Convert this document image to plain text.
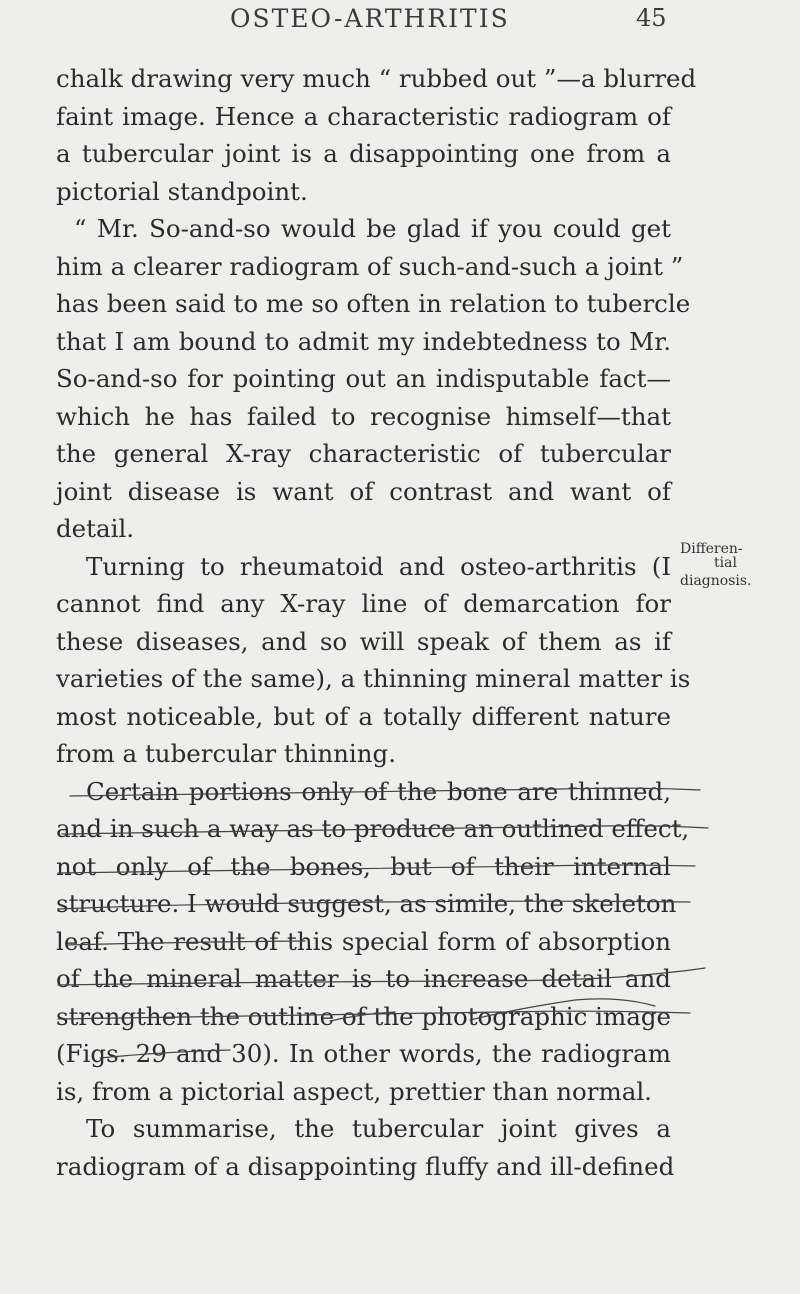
OSTEO-ARTHRITIS	45
chalk drawing very much “ rubbed out ”—a blurred
faint image. Hence a characteristic radiogram of
a tubercular joint is a disappointing one from a
pictorial standpoint.
“ Mr. So-and-so would be glad if you could get
him a clearer radiogram of such-and-such a joint ”
has been said to me so often in relation to tubercle
that I am bound to admit my indebtedness to Mr.
So-and-so for pointing out an indisputable fact—
which he has failed to recognise himself—that
the general X-ray characteristic of tubercular
joint disease is want of contrast and want of
detail.
Turning to rheumatoid and osteo-arthritis (I
cannot find any X-ray line of demarcation for
these diseases, and so will speak of them as if
varieties of the same), a thinning mineral matter is
most noticeable, but of a totally different nature
from a tubercular thinning.
Certain portions only of the bone are thinned,
and in such a way as to produce an outlined effect,
not only of the bones, but of their internal
structure. I would suggest, as simile, the skeleton
leaf. The result of this special form of absorption
of the mineral matter is to increase detail and
strengthen the outline of the photographic image
(Figs. 29 and 30). In other words, the radiogram
is, from a pictorial aspect, prettier than normal.
To summarise, the tubercular joint gives a
radiogram of a disappointing fluffy and ill-defined
Differen-
tial
diagnosis.
